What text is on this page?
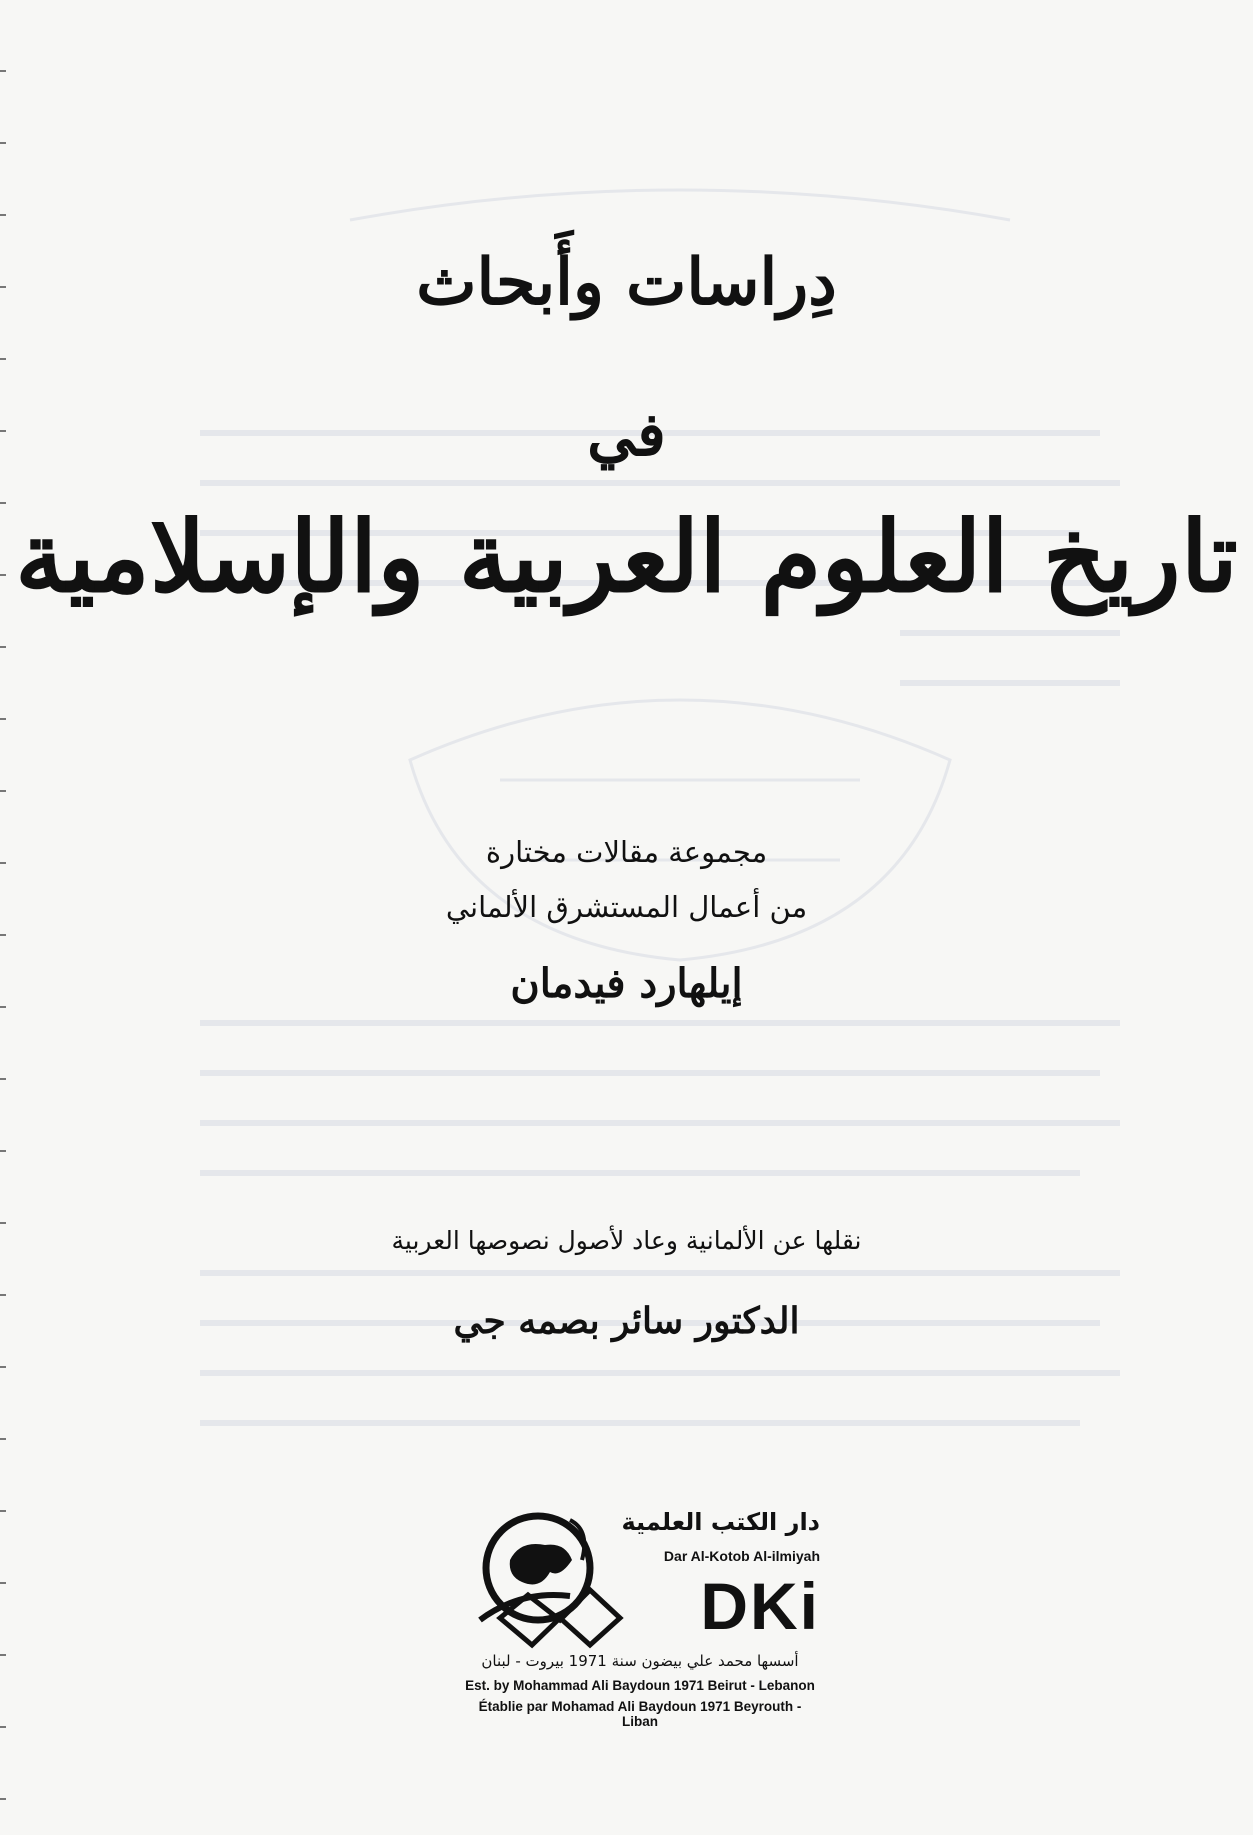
دِراسات وأَبحاث
في
تاريخ العلوم العربية والإسلامية
مجموعة مقالات مختارة
من أعمال المستشرق الألماني
إيلهارد فيدمان
نقلها عن الألمانية وعاد لأصول نصوصها العربية
الدكتور سائر بصمه جي
دار الكتب العلمية
Dar Al-Kotob Al-ilmiyah
DKi
أسسها محمد علي بيضون سنة 1971 بيروت - لبنان
Est. by Mohammad Ali Baydoun 1971 Beirut - Lebanon
Établie par Mohamad Ali Baydoun 1971 Beyrouth - Liban
